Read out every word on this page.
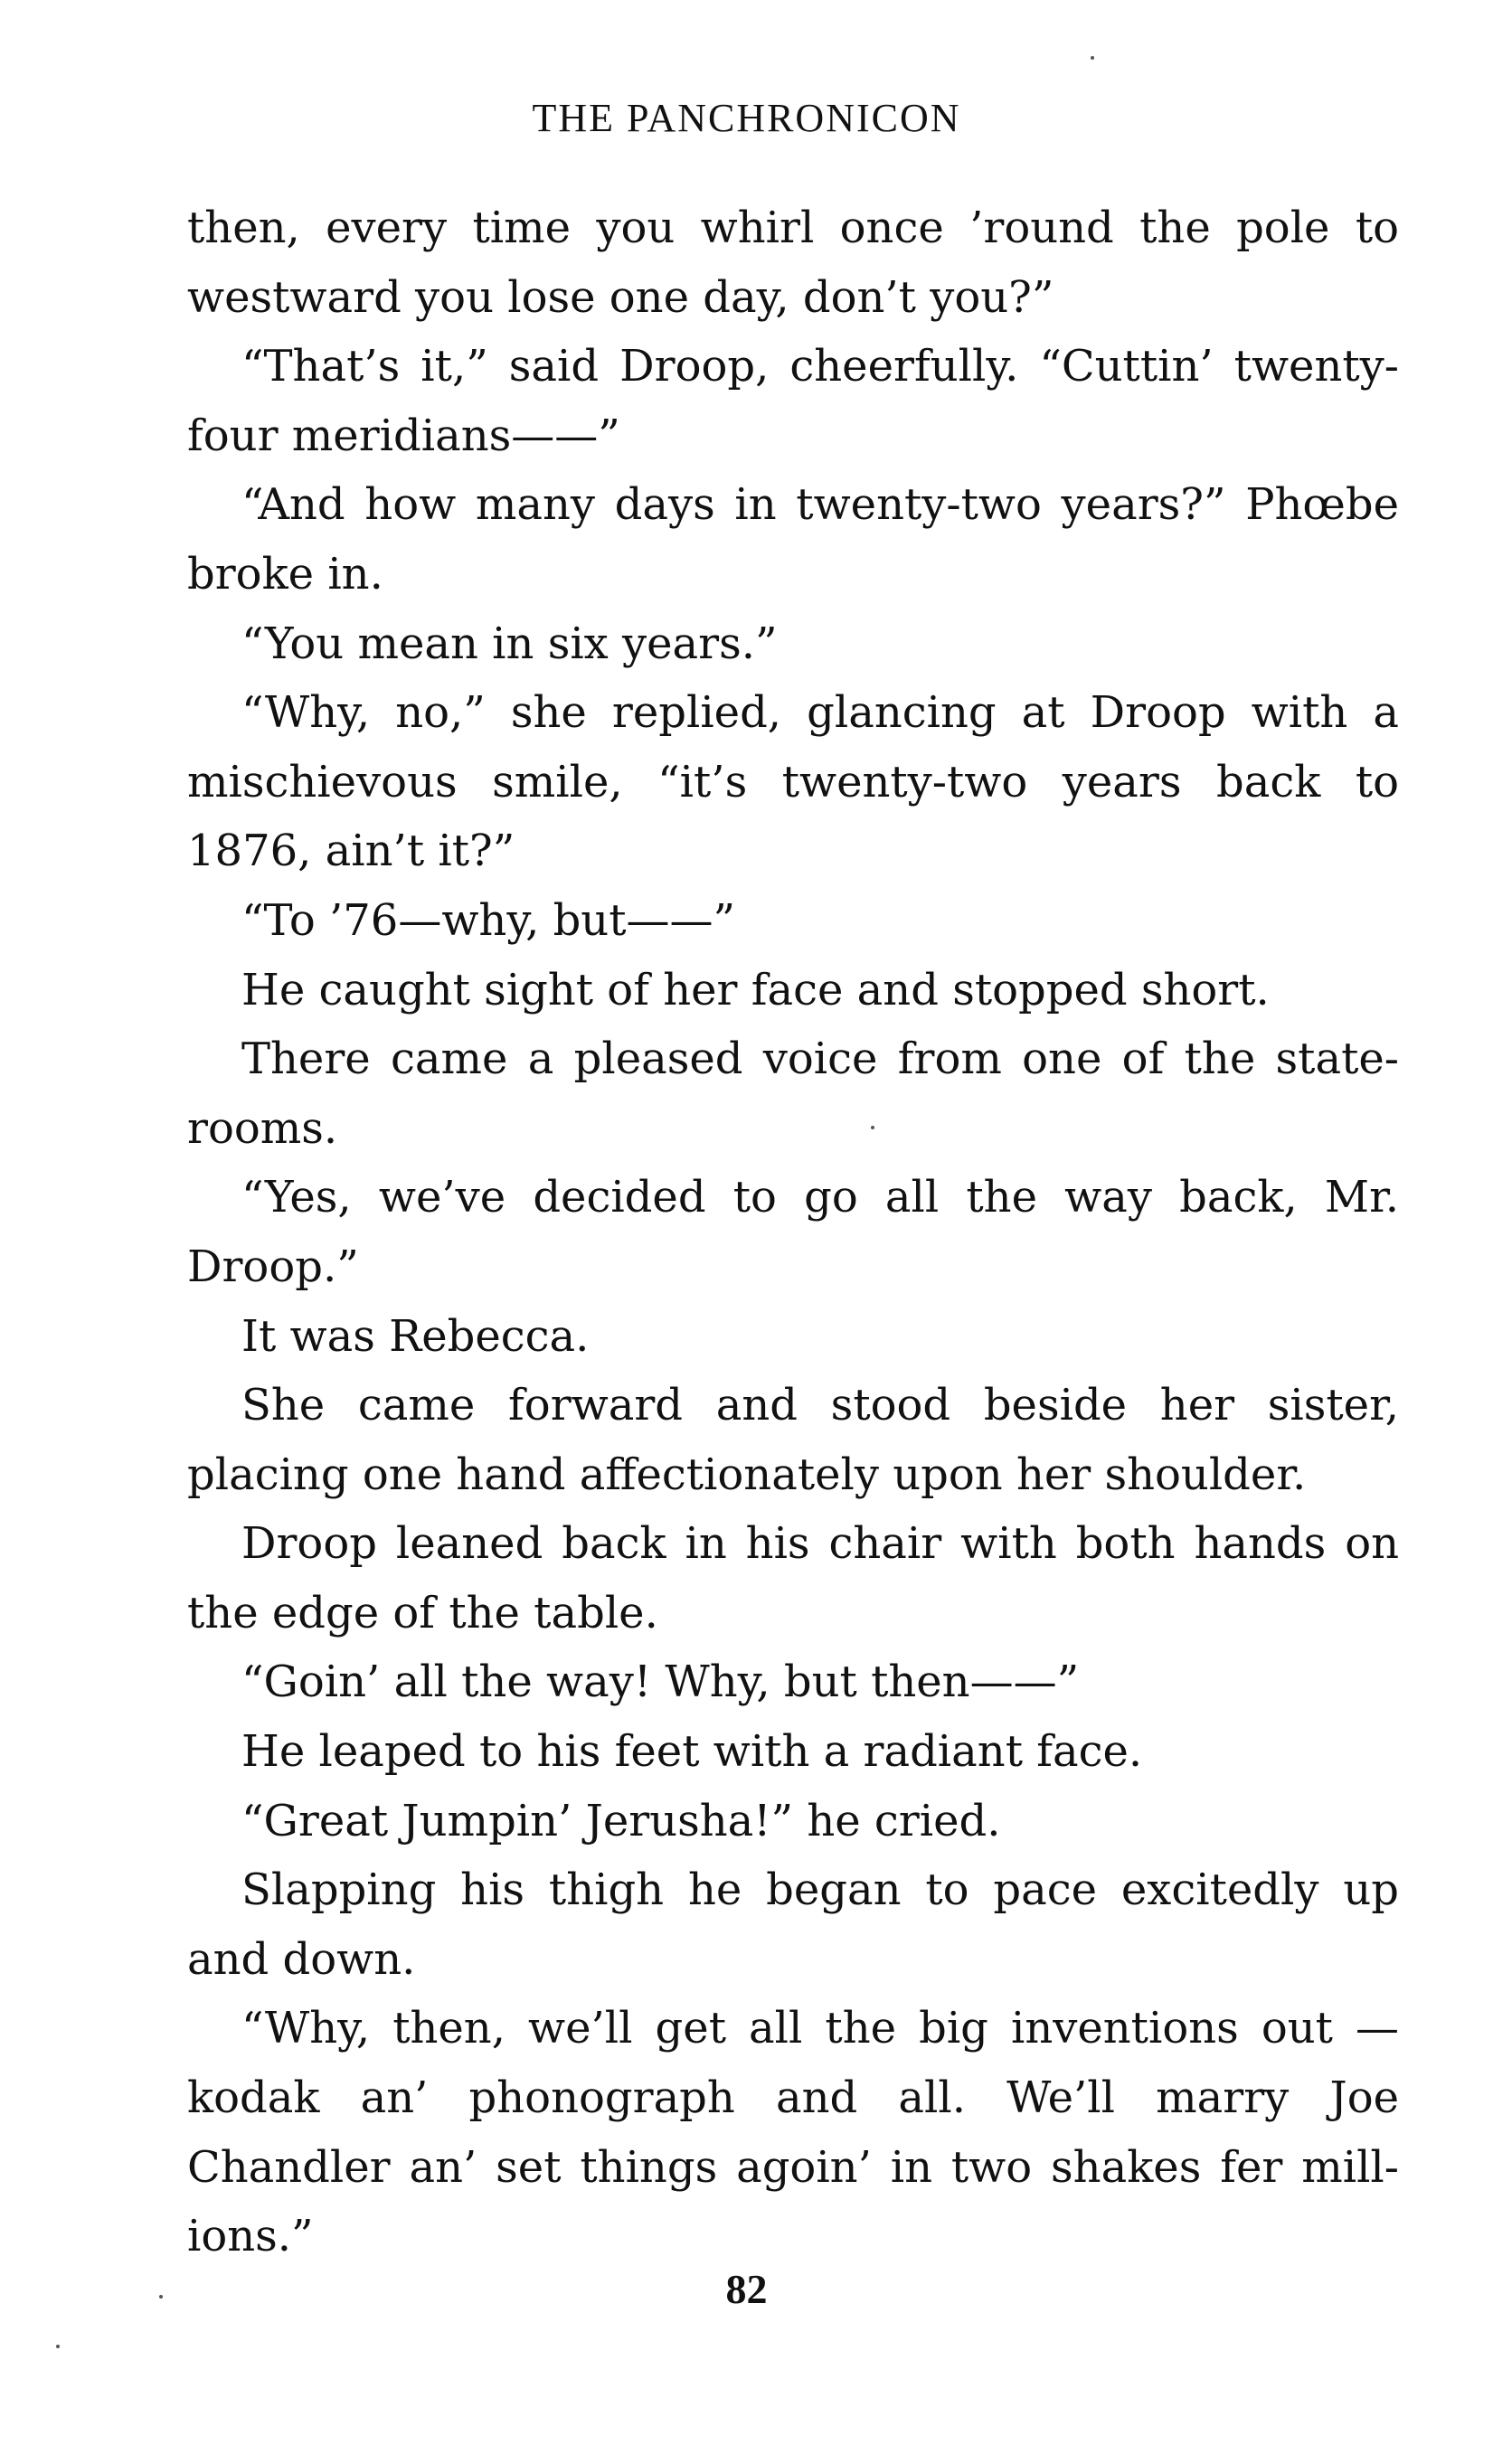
THE PANCHRONICON

then, every time you whirl once ’round the pole to westward you lose one day, don’t you?”

“That’s it,” said Droop, cheerfully. “Cuttin’ twenty-four meridians——”

“And how many days in twenty-two years?” Phœbe broke in.

“You mean in six years.”

“Why, no,” she replied, glancing at Droop with a mischievous smile, “it’s twenty-two years back to 1876, ain’t it?”

“To ’76—why, but——”

He caught sight of her face and stopped short.

There came a pleased voice from one of the state-rooms.

“Yes, we’ve decided to go all the way back, Mr. Droop.”

It was Rebecca.

She came forward and stood beside her sister, placing one hand affectionately upon her shoulder.

Droop leaned back in his chair with both hands on the edge of the table.

“Goin’ all the way! Why, but then——”

He leaped to his feet with a radiant face.

“Great Jumpin’ Jerusha!” he cried.

Slapping his thigh he began to pace excitedly up and down.

“Why, then, we’ll get all the big inventions out —kodak an’ phonograph and all. We’ll marry Joe Chandler an’ set things agoin’ in two shakes fer mill-ions.”

82
